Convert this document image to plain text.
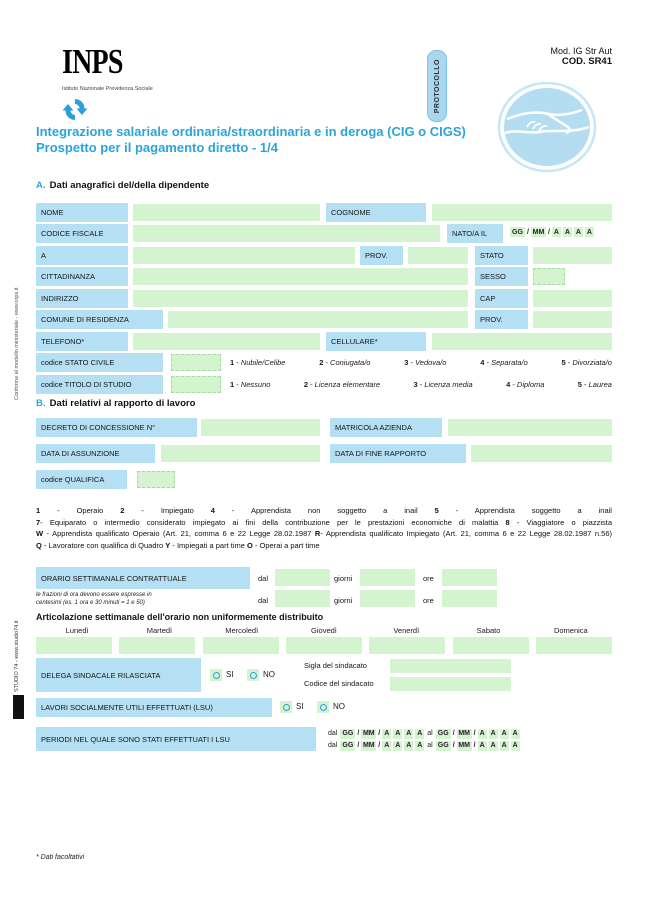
Conforme al modello ministeriale - www.inps.it
STUDIO 74 - www.studio74.it
INPS
Istituto Nazionale Previdenza Sociale	PROTOCOLLO
Mod. IG Str Aut
COD. SR41
Integrazione salariale ordinaria/straordinaria e in deroga (CIG o CIGS)
Prospetto per il pagamento diretto - 1/4
A. Dati anagrafici del/della dipendente
NOME	COGNOME
CODICE FISCALE	NATO/A IL	GG / MM / A A A A
A	PROV.	STATO
CITTADINANZA	SESSO
INDIRIZZO	CAP
COMUNE DI RESIDENZA	PROV.
TELEFONO*	CELLULARE*
codice STATO CIVILE	1 - Nubile/Celibe	2 - Coniugata/o	3 - Vedova/o	4 - Separata/o	5 - Divorziata/o
codice TITOLO DI STUDIO	1 - Nessuno	2 - Licenza elementare	3 - Licenza media	4 - Diploma	5 - Laurea
B. Dati relativi al rapporto di lavoro
DECRETO DI CONCESSIONE N°	MATRICOLA AZIENDA
DATA DI ASSUNZIONE	DATA DI FINE RAPPORTO
codice QUALIFICA
1 - Operaio 2 - Impiegato 4 - Apprendista non soggetto a inail 5 - Apprendista soggetto a inail 7- Equiparato o intermedio considerato impiegato ai fini della contribuzione per le prestazioni economiche di malattia 8 - Viaggiatore o piazzista W - Apprendista qualificato Operaio (Art. 21, comma 6 e 22 Legge 28.02.1987 R- Apprendista qualificato Impiegato (Art. 21, comma 6 e 22 Legge 28.02.1987 n.56) Q - Lavoratore con qualifica di Quadro Y - Impiegati a part time O - Operai a part time
ORARIO SETTIMANALE CONTRATTUALE	dal	giorni	ore
le frazioni di ora devono essere espresse in
centesimi (es. 1 ora e 30 minuti = 1 e 50)	dal	giorni	ore
Articolazione settimanale dell'orario non uniformemente distribuito
Lunedì	Martedì	Mercoledì	Giovedì	Venerdì	Sabato	Domenica
DELEGA SINDACALE RILASCIATA	SI	NO
Sigla del sindacato
Codice del sindacato
LAVORI SOCIALMENTE UTILI EFFETTUATI (LSU)	SI	NO
PERIODI NEL QUALE SONO STATI EFFETTUATI I LSU
dal GG / MM / A A A A al GG / MM / A A A A
dal GG / MM / A A A A al GG / MM / A A A A
* Dati facoltativi
